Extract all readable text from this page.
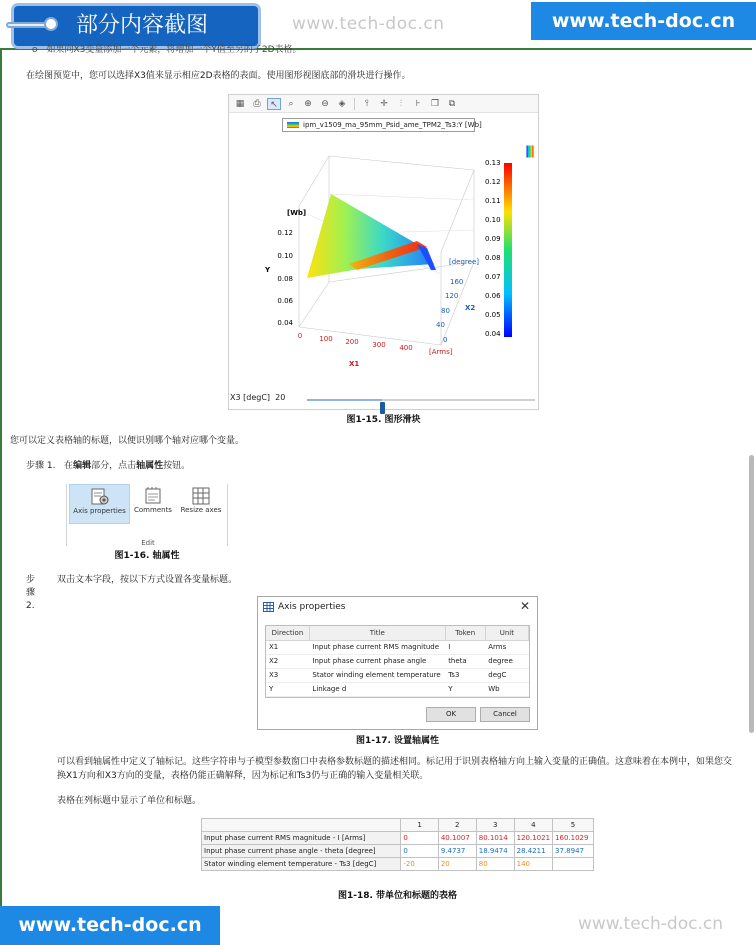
部分内容截图	www.tech-doc.cn	www.tech-doc.cn
o　如果向X3变量添加一个元素，将增加一个Y值至另的子2D表格。
在绘图预览中，您可以选择X3值来显示相应2D表格的表面。使用图形视图底部的滑块进行操作。
▦	⎙	↖	⌕	⊕	⊖	◈	⫯	✛	⫶	⊦	❐	⧉
ipm_v1509_ma_95mm_Psid_ame_TPM2_Ts3:Y [Wb]
[Wb]
0.12
0.10
0.08
0.06
0.04
Y
0 100 200 300 400 [Arms]
X1
0
40
80
120
160
[degree]
X2
0.13
0.12
0.11
0.10
0.09
0.08
0.07
0.06
0.05
0.04
X3 [degC] 20
图1-15. 图形滑块
您可以定义表格轴的标题，以便识别哪个轴对应哪个变量。
步骤 1. 在编辑部分，点击轴属性按钮。
Axis properties	Comments	Resize axes
Edit
图1-16. 轴属性
步
骤
2.
双击文本字段，按以下方式设置各变量标题。
Axis properties	✕
Direction	Title	Token	Unit
X1	Input phase current RMS magnitude	I	Arms
X2	Input phase current phase angle	theta	degree
X3	Stator winding element temperature	Ts3	degC
Y	Linkage d	Y	Wb
OK	Cancel
图1-17. 设置轴属性
可以看到轴属性中定义了轴标记。这些字符串与子模型参数窗口中表格参数标题的描述相同。标记用于识别表格轴方向上输入变量的正确值。这意味着在本例中，如果您交
换X1方向和X3方向的变量，表格仍能正确解释，因为标记和Ts3仍与正确的输入变量相关联。
表格在列标题中显示了单位和标题。
	1	2	3	4	5
Input phase current RMS magnitude - I [Arms]	0	40.1007	80.1014	120.1021	160.1029
Input phase current phase angle - theta [degree]	0	9.4737	18.9474	28.4211	37.8947
Stator winding element temperature - Ts3 [degC]	-20	20	80	140	
图1-18. 带单位和标题的表格
www.tech-doc.cn	www.tech-doc.cn
